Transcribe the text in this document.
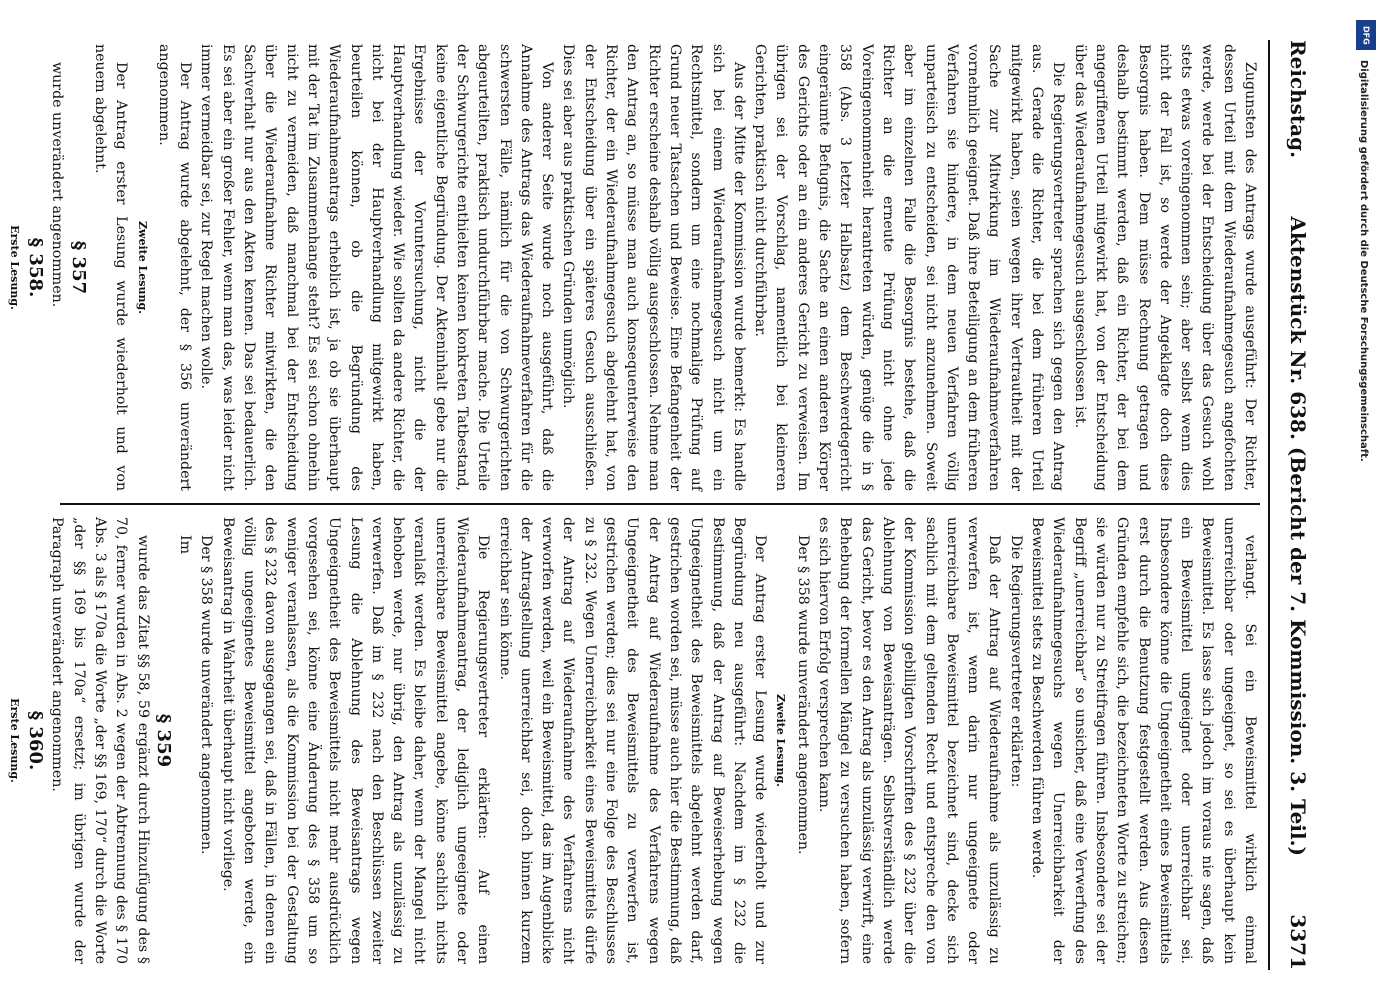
Reichstag.
Aktenstück Nr. 638. (Bericht der 7. Kommission. 3. Teil.)
3371

Zugunsten des Antrags wurde ausgeführt: Der Richter, dessen Urteil mit dem Wiederaufnahmegesuch angefochten werde, werde bei der Entscheidung über das Gesuch wohl stets etwas voreingenommen sein; aber selbst wenn dies nicht der Fall ist, so werde der Angeklagte doch diese Besorgnis haben. Dem müsse Rechnung getragen und deshalb bestimmt werden, daß ein Richter, der bei dem angegriffenen Urteil mitgewirkt hat, von der Entscheidung über das Wiederaufnahmegesuch ausgeschlossen ist.

Die Regierungsvertreter sprachen sich gegen den Antrag aus. Gerade die Richter, die bei dem früheren Urteil mitgewirkt haben, seien wegen ihrer Vertrautheit mit der Sache zur Mitwirkung im Wiederaufnahmeverfahren vornehmlich geeignet. Daß ihre Beteiligung an dem früheren Verfahren sie hindere, in dem neuen Verfahren völlig unparteiisch zu entscheiden, sei nicht anzunehmen. Soweit aber im einzelnen Falle die Besorgnis bestehe, daß die Richter an die erneute Prüfung nicht ohne jede Voreingenommenheit herantreten würden, genüge die in § 358 (Abs. 3 letzter Halbsatz) dem Beschwerdegericht eingeräumte Befugnis, die Sache an einen anderen Körper des Gerichts oder an ein anderes Gericht zu verweisen. Im übrigen sei der Vorschlag, namentlich bei kleineren Gerichten, praktisch nicht durchführbar.

Aus der Mitte der Kommission wurde bemerkt: Es handle sich bei einem Wiederaufnahmegesuch nicht um ein Rechtsmittel, sondern um eine nochmalige Prüfung auf Grund neuer Tatsachen und Beweise. Eine Befangenheit der Richter erscheine deshalb völlig ausgeschlossen. Nehme man den Antrag an, so müsse man auch konsequenterweise den Richter, der ein Wiederaufnahmegesuch abgelehnt hat, von der Entscheidung über ein späteres Gesuch ausschließen. Dies sei aber aus praktischen Gründen unmöglich.

Von anderer Seite wurde noch ausgeführt, daß die Annahme des Antrags das Wiederaufnahmeverfahren für die schwersten Fälle, nämlich für die von Schwurgerichten abgeurteilten, praktisch undurchführbar mache. Die Urteile der Schwurgerichte enthielten keinen konkreten Tatbestand, keine eigentliche Begründung. Der Akteninhalt gebe nur die Ergebnisse der Voruntersuchung, nicht die der Hauptverhandlung wieder. Wie sollten da andere Richter, die nicht bei der Hauptverhandlung mitgewirkt haben, beurteilen können, ob die Begründung des Wiederaufnahmeantrags erheblich ist, ja ob sie überhaupt mit der Tat im Zusammenhange steht? Es sei schon ohnehin nicht zu vermeiden, daß manchmal bei der Entscheidung über die Wiederaufnahme Richter mitwirkten, die den Sachverhalt nur aus den Akten kennen. Das sei bedauerlich. Es sei aber ein großer Fehler, wenn man das, was leider nicht immer vermeidbar sei, zur Regel machen wolle.

Der Antrag wurde abgelehnt, der § 356 unverändert angenommen.

Zweite Lesung.

Der Antrag erster Lesung wurde wiederholt und von neuem abgelehnt.

§ 357

wurde unverändert angenommen.

§ 358.

Erste Lesung.

verlangt. Sei ein Beweismittel wirklich einmal unerreichbar oder ungeeignet, so sei es überhaupt kein Beweismittel. Es lasse sich jedoch im voraus nie sagen, daß ein Beweismittel ungeeignet oder unerreichbar sei. Insbesondere könne die Ungeeignetheit eines Beweismittels erst durch die Benutzung festgestellt werden. Aus diesen Gründen empfehle sich, die bezeichneten Worte zu streichen; sie würden nur zu Streitfragen führen. Insbesondere sei der Begriff „unerreichbar“ so unsicher, daß eine Verwerfung des Wiederaufnahmegesuchs wegen Unerreichbarkeit der Beweismittel stets zu Beschwerden führen werde.

Die Regierungsvertreter erklärten:

Daß der Antrag auf Wiederaufnahme als unzulässig zu verwerfen ist, wenn darin nur ungeeignete oder unerreichbare Beweismittel bezeichnet sind, decke sich sachlich mit dem geltenden Recht und entspreche den von der Kommission gebilligten Vorschriften des § 232 über die Ablehnung von Beweisanträgen. Selbstverständlich werde das Gericht, bevor es den Antrag als unzulässig verwirft, eine Behebung der formellen Mängel zu versuchen haben, sofern es sich hiervon Erfolg versprechen kann.

Der § 358 wurde unverändert angenommen.

Zweite Lesung.

Der Antrag erster Lesung wurde wiederholt und zur Begründung neu ausgeführt: Nachdem im § 232 die Bestimmung, daß der Antrag auf Beweiserhebung wegen Ungeeignetheit des Beweismittels abgelehnt werden darf, gestrichen worden sei, müsse auch hier die Bestimmung, daß der Antrag auf Wiederaufnahme des Verfahrens wegen Ungeeignetheit des Beweismittels zu verwerfen ist, gestrichen werden; dies sei nur eine Folge des Beschlusses zu § 232. Wegen Unerreichbarkeit eines Beweismittels dürfe der Antrag auf Wiederaufnahme des Verfahrens nicht verworfen werden, weil ein Beweismittel, das im Augenblicke der Antragstellung unerreichbar sei, doch binnen kurzem erreichbar sein könne.

Die Regierungsvertreter erklärten: Auf einen Wiederaufnahmeantrag, der lediglich ungeeignete oder unerreichbare Beweismittel angebe, könne sachlich nichts veranlaßt werden. Es bleibe daher, wenn der Mangel nicht behoben werde, nur übrig, den Antrag als unzulässig zu verwerfen. Daß im § 232 nach den Beschlüssen zweiter Lesung die Ablehnung des Beweisantrags wegen Ungeeignetheit des Beweismittels nicht mehr ausdrücklich vorgesehen sei, könne eine Änderung des § 358 um so weniger veranlassen, als die Kommission bei der Gestaltung des § 232 davon ausgegangen sei, daß in Fällen, in denen ein völlig ungeeignetes Beweismittel angeboten werde, ein Beweisantrag in Wahrheit überhaupt nicht vorliege.

Der § 358 wurde unverändert angenommen.

Im

§ 359

wurde das Zitat §§ 58, 59 ergänzt durch Hinzufügung des § 70, ferner wurden in Abs. 2 wegen der Abtrennung des § 170 Abs. 3 als § 170a die Worte „der §§ 169, 170“ durch die Worte „der §§ 169 bis 170a“ ersetzt; im übrigen wurde der Paragraph unverändert angenommen.

§ 360.

Erste Lesung.

DFG
Digitalisierung gefördert durch die Deutsche Forschungsgemeinschaft.
